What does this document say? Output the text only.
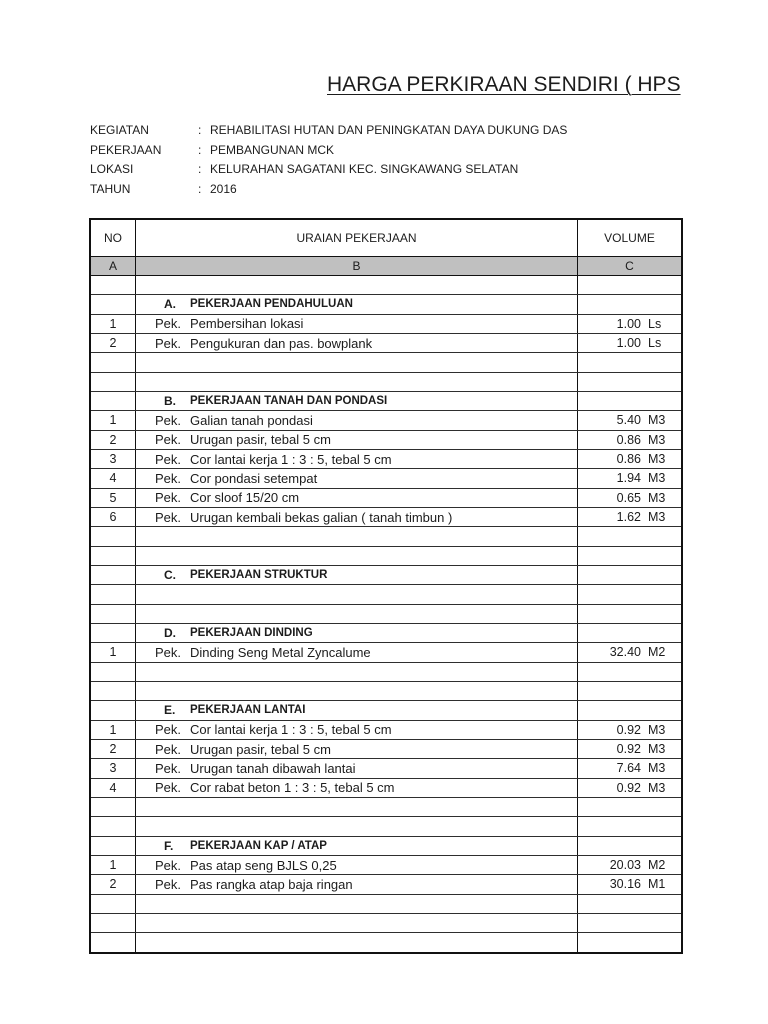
HARGA PERKIRAAN SENDIRI ( HPS
KEGIATAN	: REHABILITASI HUTAN DAN PENINGKATAN DAYA DUKUNG DAS
PEKERJAAN	: PEMBANGUNAN MCK
LOKASI	: KELURAHAN SAGATANI KEC. SINGKAWANG SELATAN
TAHUN	: 2016
NO	URAIAN PEKERJAAN	VOLUME
A	B	C
A.	PEKERJAAN PENDAHULUAN
1	Pek. Pembersihan lokasi	1.00 Ls
2	Pek. Pengukuran dan pas. bowplank	1.00 Ls
B.	PEKERJAAN TANAH DAN PONDASI
1	Pek. Galian tanah pondasi	5.40 M3
2	Pek. Urugan pasir, tebal 5 cm	0.86 M3
3	Pek. Cor lantai kerja 1 : 3 : 5, tebal 5 cm	0.86 M3
4	Pek. Cor pondasi setempat	1.94 M3
5	Pek. Cor sloof 15/20 cm	0.65 M3
6	Pek. Urugan kembali bekas galian ( tanah timbun )	1.62 M3
C.	PEKERJAAN STRUKTUR
D.	PEKERJAAN DINDING
1	Pek. Dinding Seng Metal Zyncalume	32.40 M2
E.	PEKERJAAN LANTAI
1	Pek. Cor lantai kerja 1 : 3 : 5, tebal 5 cm	0.92 M3
2	Pek. Urugan pasir, tebal 5 cm	0.92 M3
3	Pek. Urugan tanah dibawah lantai	7.64 M3
4	Pek. Cor rabat beton 1 : 3 : 5, tebal 5 cm	0.92 M3
F.	PEKERJAAN KAP / ATAP
1	Pek. Pas atap seng BJLS 0,25	20.03 M2
2	Pek. Pas rangka atap baja ringan	30.16 M1
